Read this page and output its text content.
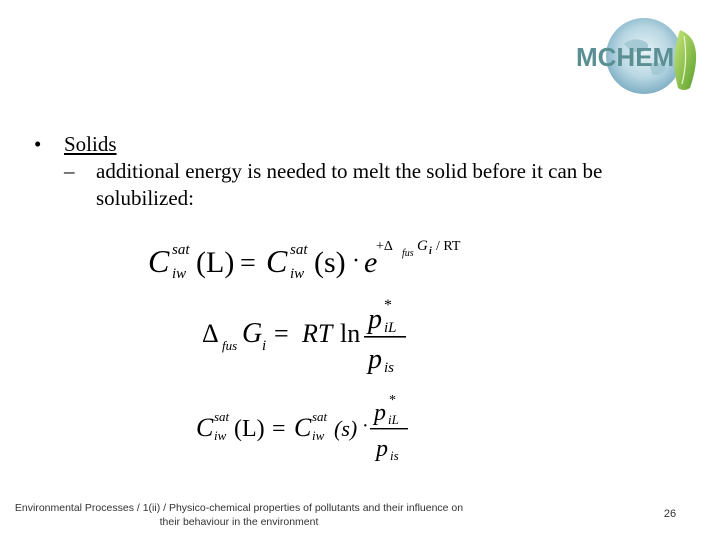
MCHEM
•	Solids
–	additional energy is needed to melt the solid before it can be solubilized:
C sat
iw (L) = C sat
iw (s) · e
+Δ fus G i / RT
Δ fus G i = RT ln p *
iL
p is
C sat
iw (L) = C sat
iw (s) · p *
iL
p is
Environmental Processes / 1(ii) / Physico-chemical properties of pollutants and their influence on their behaviour in the environment
26
